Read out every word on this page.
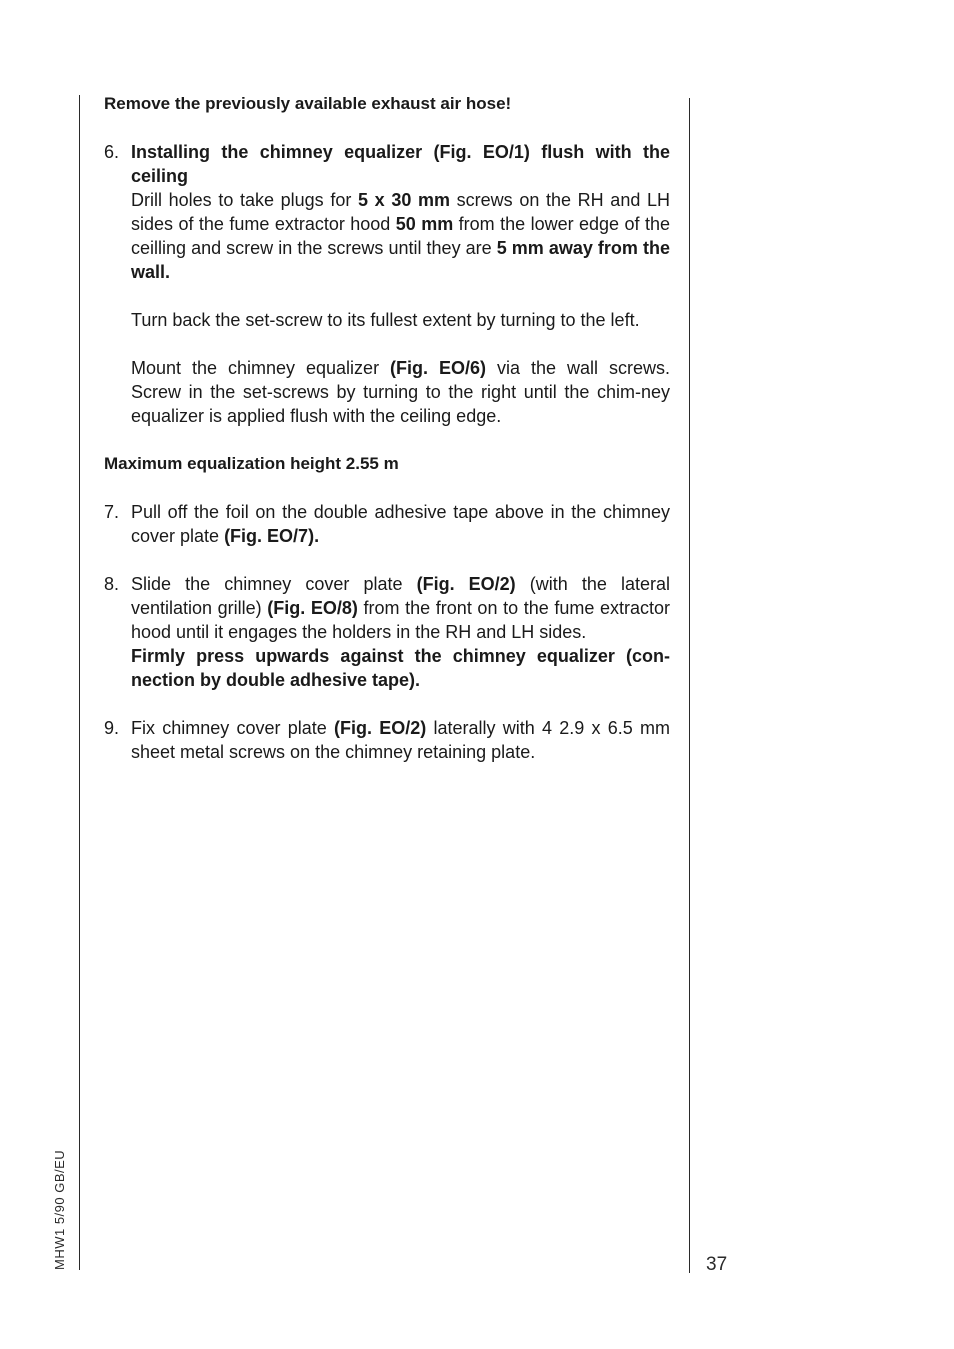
MHW1 5/90 GB/EU	37

Remove the previously available exhaust air hose!

6. Installing the chimney equalizer (Fig. EO/1) flush with the ceiling

Drill holes to take plugs for 5 x 30 mm screws on the RH and LH sides of the fume extractor hood 50 mm from the lower edge of the ceilling and screw in the screws until they are 5 mm away from the wall.

Turn back the set-screw to its fullest extent by turning to the left.

Mount the chimney equalizer (Fig. EO/6) via the wall screws. Screw in the set-screws by turning to the right until the chim-ney equalizer is applied flush with the ceiling edge.

Maximum equalization height 2.55 m

7. Pull off the foil on the double adhesive tape above in the chimney cover plate (Fig. EO/7).

8. Slide the chimney cover plate (Fig. EO/2) (with the lateral ventilation grille) (Fig. EO/8) from the front on to the fume extractor hood until it engages the holders in the RH and LH sides.

Firmly press upwards against the chimney equalizer (con-nection by double adhesive tape).

9. Fix chimney cover plate (Fig. EO/2) laterally with 4 2.9 x 6.5 mm sheet metal screws on the chimney retaining plate.
